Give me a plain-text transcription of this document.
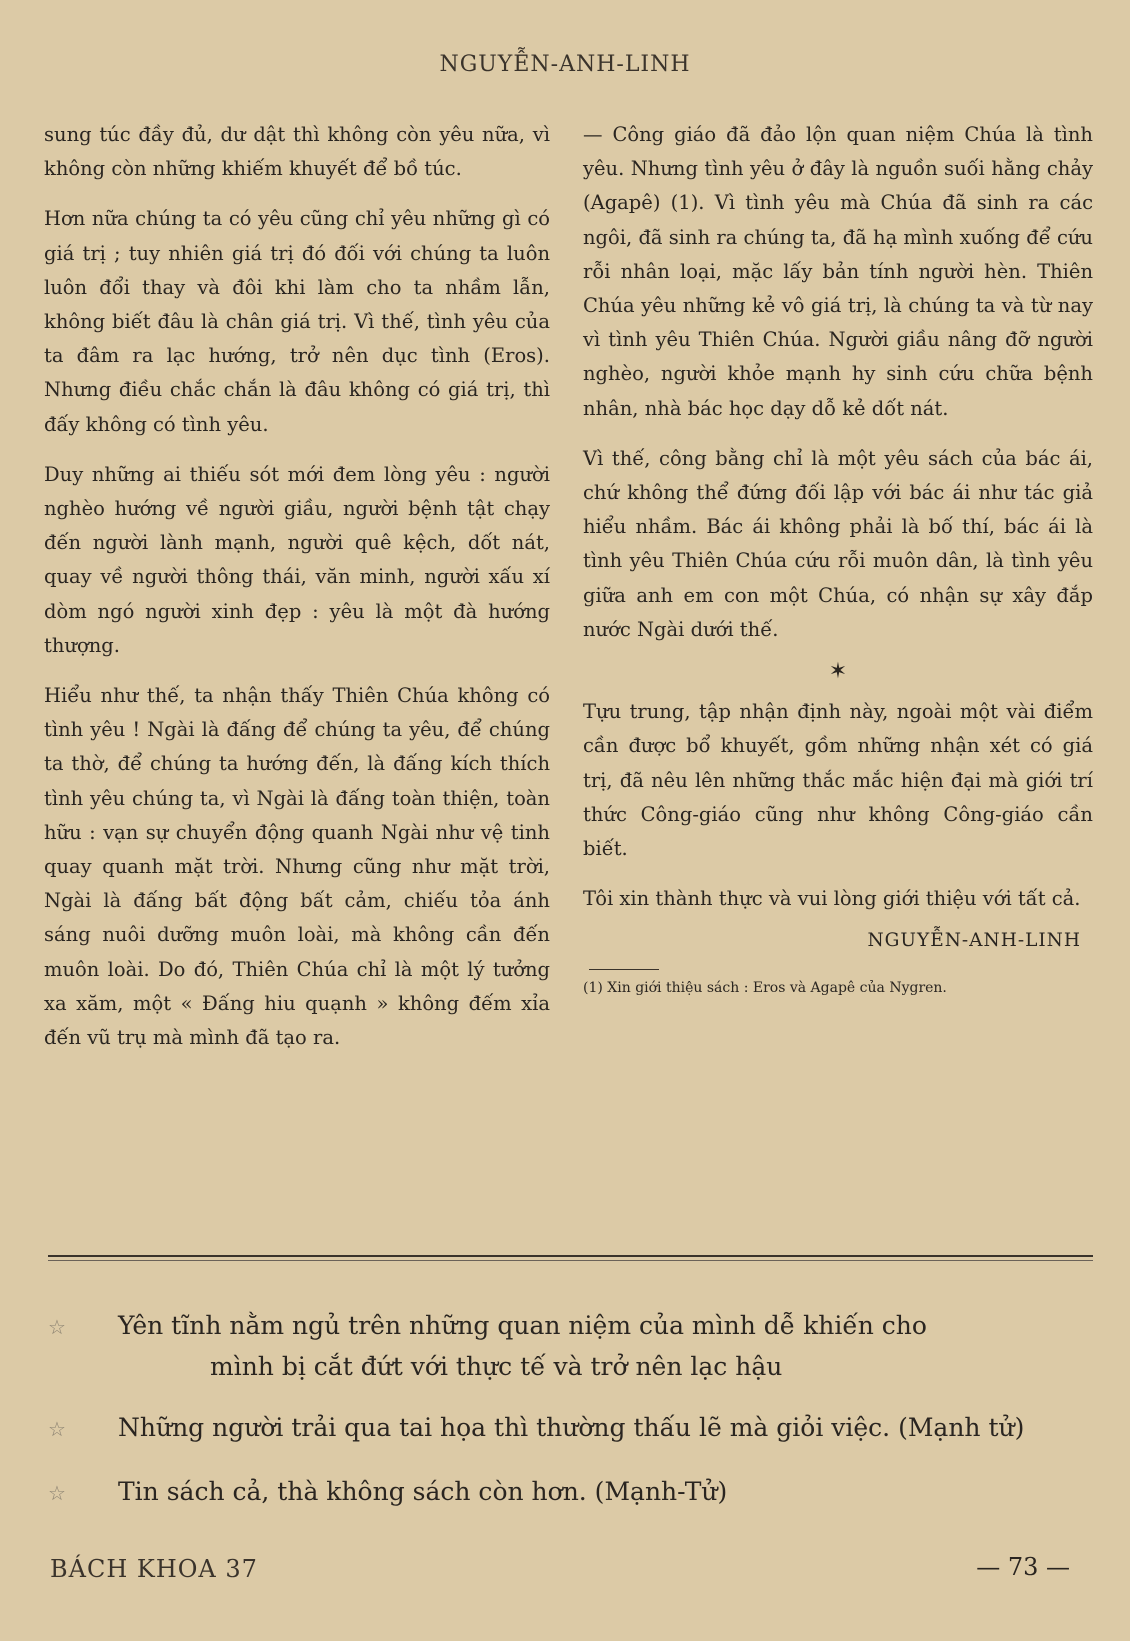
NGUYỄN-ANH-LINH

sung túc đầy đủ, dư dật thì không còn yêu nữa, vì không còn những khiếm khuyết để bồ túc.

Hơn nữa chúng ta có yêu cũng chỉ yêu những gì có giá trị ; tuy nhiên giá trị đó đối với chúng ta luôn luôn đổi thay và đôi khi làm cho ta nhầm lẫn, không biết đâu là chân giá trị. Vì thế, tình yêu của ta đâm ra lạc hướng, trở nên dục tình (Eros). Nhưng điều chắc chắn là đâu không có giá trị, thì đấy không có tình yêu.

Duy những ai thiếu sót mới đem lòng yêu : người nghèo hướng về người giầu, người bệnh tật chạy đến người lành mạnh, người quê kệch, dốt nát, quay về người thông thái, văn minh, người xấu xí dòm ngó người xinh đẹp : yêu là một đà hướng thượng.

Hiểu như thế, ta nhận thấy Thiên Chúa không có tình yêu ! Ngài là đấng để chúng ta yêu, để chúng ta thờ, để chúng ta hướng đến, là đấng kích thích tình yêu chúng ta, vì Ngài là đấng toàn thiện, toàn hữu : vạn sự chuyển động quanh Ngài như vệ tinh quay quanh mặt trời. Nhưng cũng như mặt trời, Ngài là đấng bất động bất cảm, chiếu tỏa ánh sáng nuôi dưỡng muôn loài, mà không cần đến muôn loài. Do đó, Thiên Chúa chỉ là một lý tưởng xa xăm, một « Đấng hiu quạnh » không đếm xỉa đến vũ trụ mà mình đã tạo ra.

— Công giáo đã đảo lộn quan niệm Chúa là tình yêu. Nhưng tình yêu ở đây là nguồn suối hằng chảy (Agapê) (1). Vì tình yêu mà Chúa đã sinh ra các ngôi, đã sinh ra chúng ta, đã hạ mình xuống để cứu rỗi nhân loại, mặc lấy bản tính người hèn. Thiên Chúa yêu những kẻ vô giá trị, là chúng ta và từ nay vì tình yêu Thiên Chúa. Người giầu nâng đỡ người nghèo, người khỏe mạnh hy sinh cứu chữa bệnh nhân, nhà bác học dạy dỗ kẻ dốt nát.

Vì thế, công bằng chỉ là một yêu sách của bác ái, chứ không thể đứng đối lập với bác ái như tác giả hiểu nhầm. Bác ái không phải là bố thí, bác ái là tình yêu Thiên Chúa cứu rỗi muôn dân, là tình yêu giữa anh em con một Chúa, có nhận sự xây đắp nước Ngài dưới thế.

✶

Tựu trung, tập nhận định này, ngoài một vài điểm cần được bổ khuyết, gồm những nhận xét có giá trị, đã nêu lên những thắc mắc hiện đại mà giới trí thức Công-giáo cũng như không Công-giáo cần biết.

Tôi xin thành thực và vui lòng giới thiệu với tất cả.

NGUYỄN-ANH-LINH
(1) Xin giới thiệu sách : Eros và Agapê của Nygren.
☆ Yên tĩnh nằm ngủ trên những quan niệm của mình dễ khiến cho
mình bị cắt đứt với thực tế và trở nên lạc hậu
☆ Những người trải qua tai họa thì thường thấu lẽ mà giỏi việc. (Mạnh tử)
☆ Tin sách cả, thà không sách còn hơn. (Mạnh-Tử)
BÁCH KHOA 37	— 73 —
